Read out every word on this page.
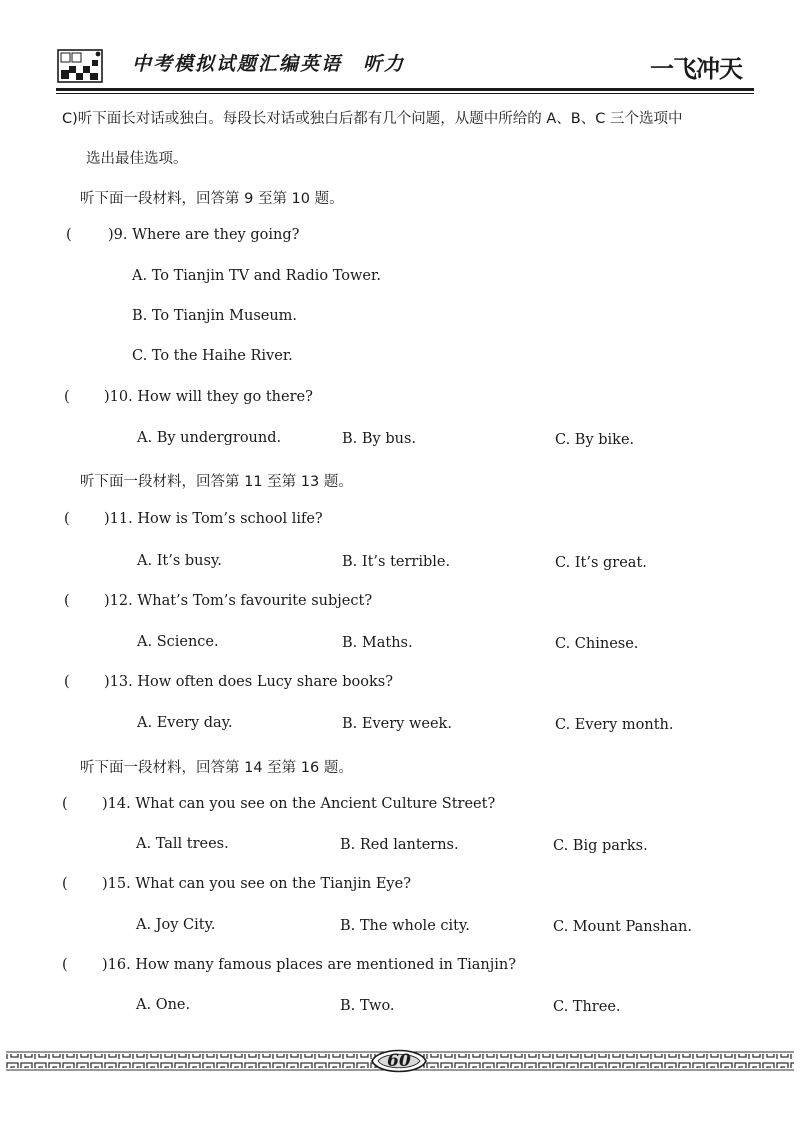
中考模拟试题汇编英语　听力	一飞冲天
C)听下面长对话或独白。每段长对话或独白后都有几个问题，从题中所给的 A、B、C 三个选项中
选出最佳选项。
听下面一段材料，回答第 9 至第 10 题。
(	)9. Where are they going?
A. To Tianjin TV and Radio Tower.
B. To Tianjin Museum.
C. To the Haihe River.
( )10. How will they go there?
A. By underground.	B. By bus.	C. By bike.
听下面一段材料，回答第 11 至第 13 题。
( )11. How is Tom’s school life?
A. It’s busy.	B. It’s terrible.	C. It’s great.
( )12. What’s Tom’s favourite subject?
A. Science.	B. Maths.	C. Chinese.
( )13. How often does Lucy share books?
A. Every day.	B. Every week.	C. Every month.
听下面一段材料，回答第 14 至第 16 题。
( )14. What can you see on the Ancient Culture Street?
A. Tall trees.	B. Red lanterns.	C. Big parks.
( )15. What can you see on the Tianjin Eye?
A. Joy City.	B. The whole city.	C. Mount Panshan.
( )16. How many famous places are mentioned in Tianjin?
A. One.	B. Two.	C. Three.
60
